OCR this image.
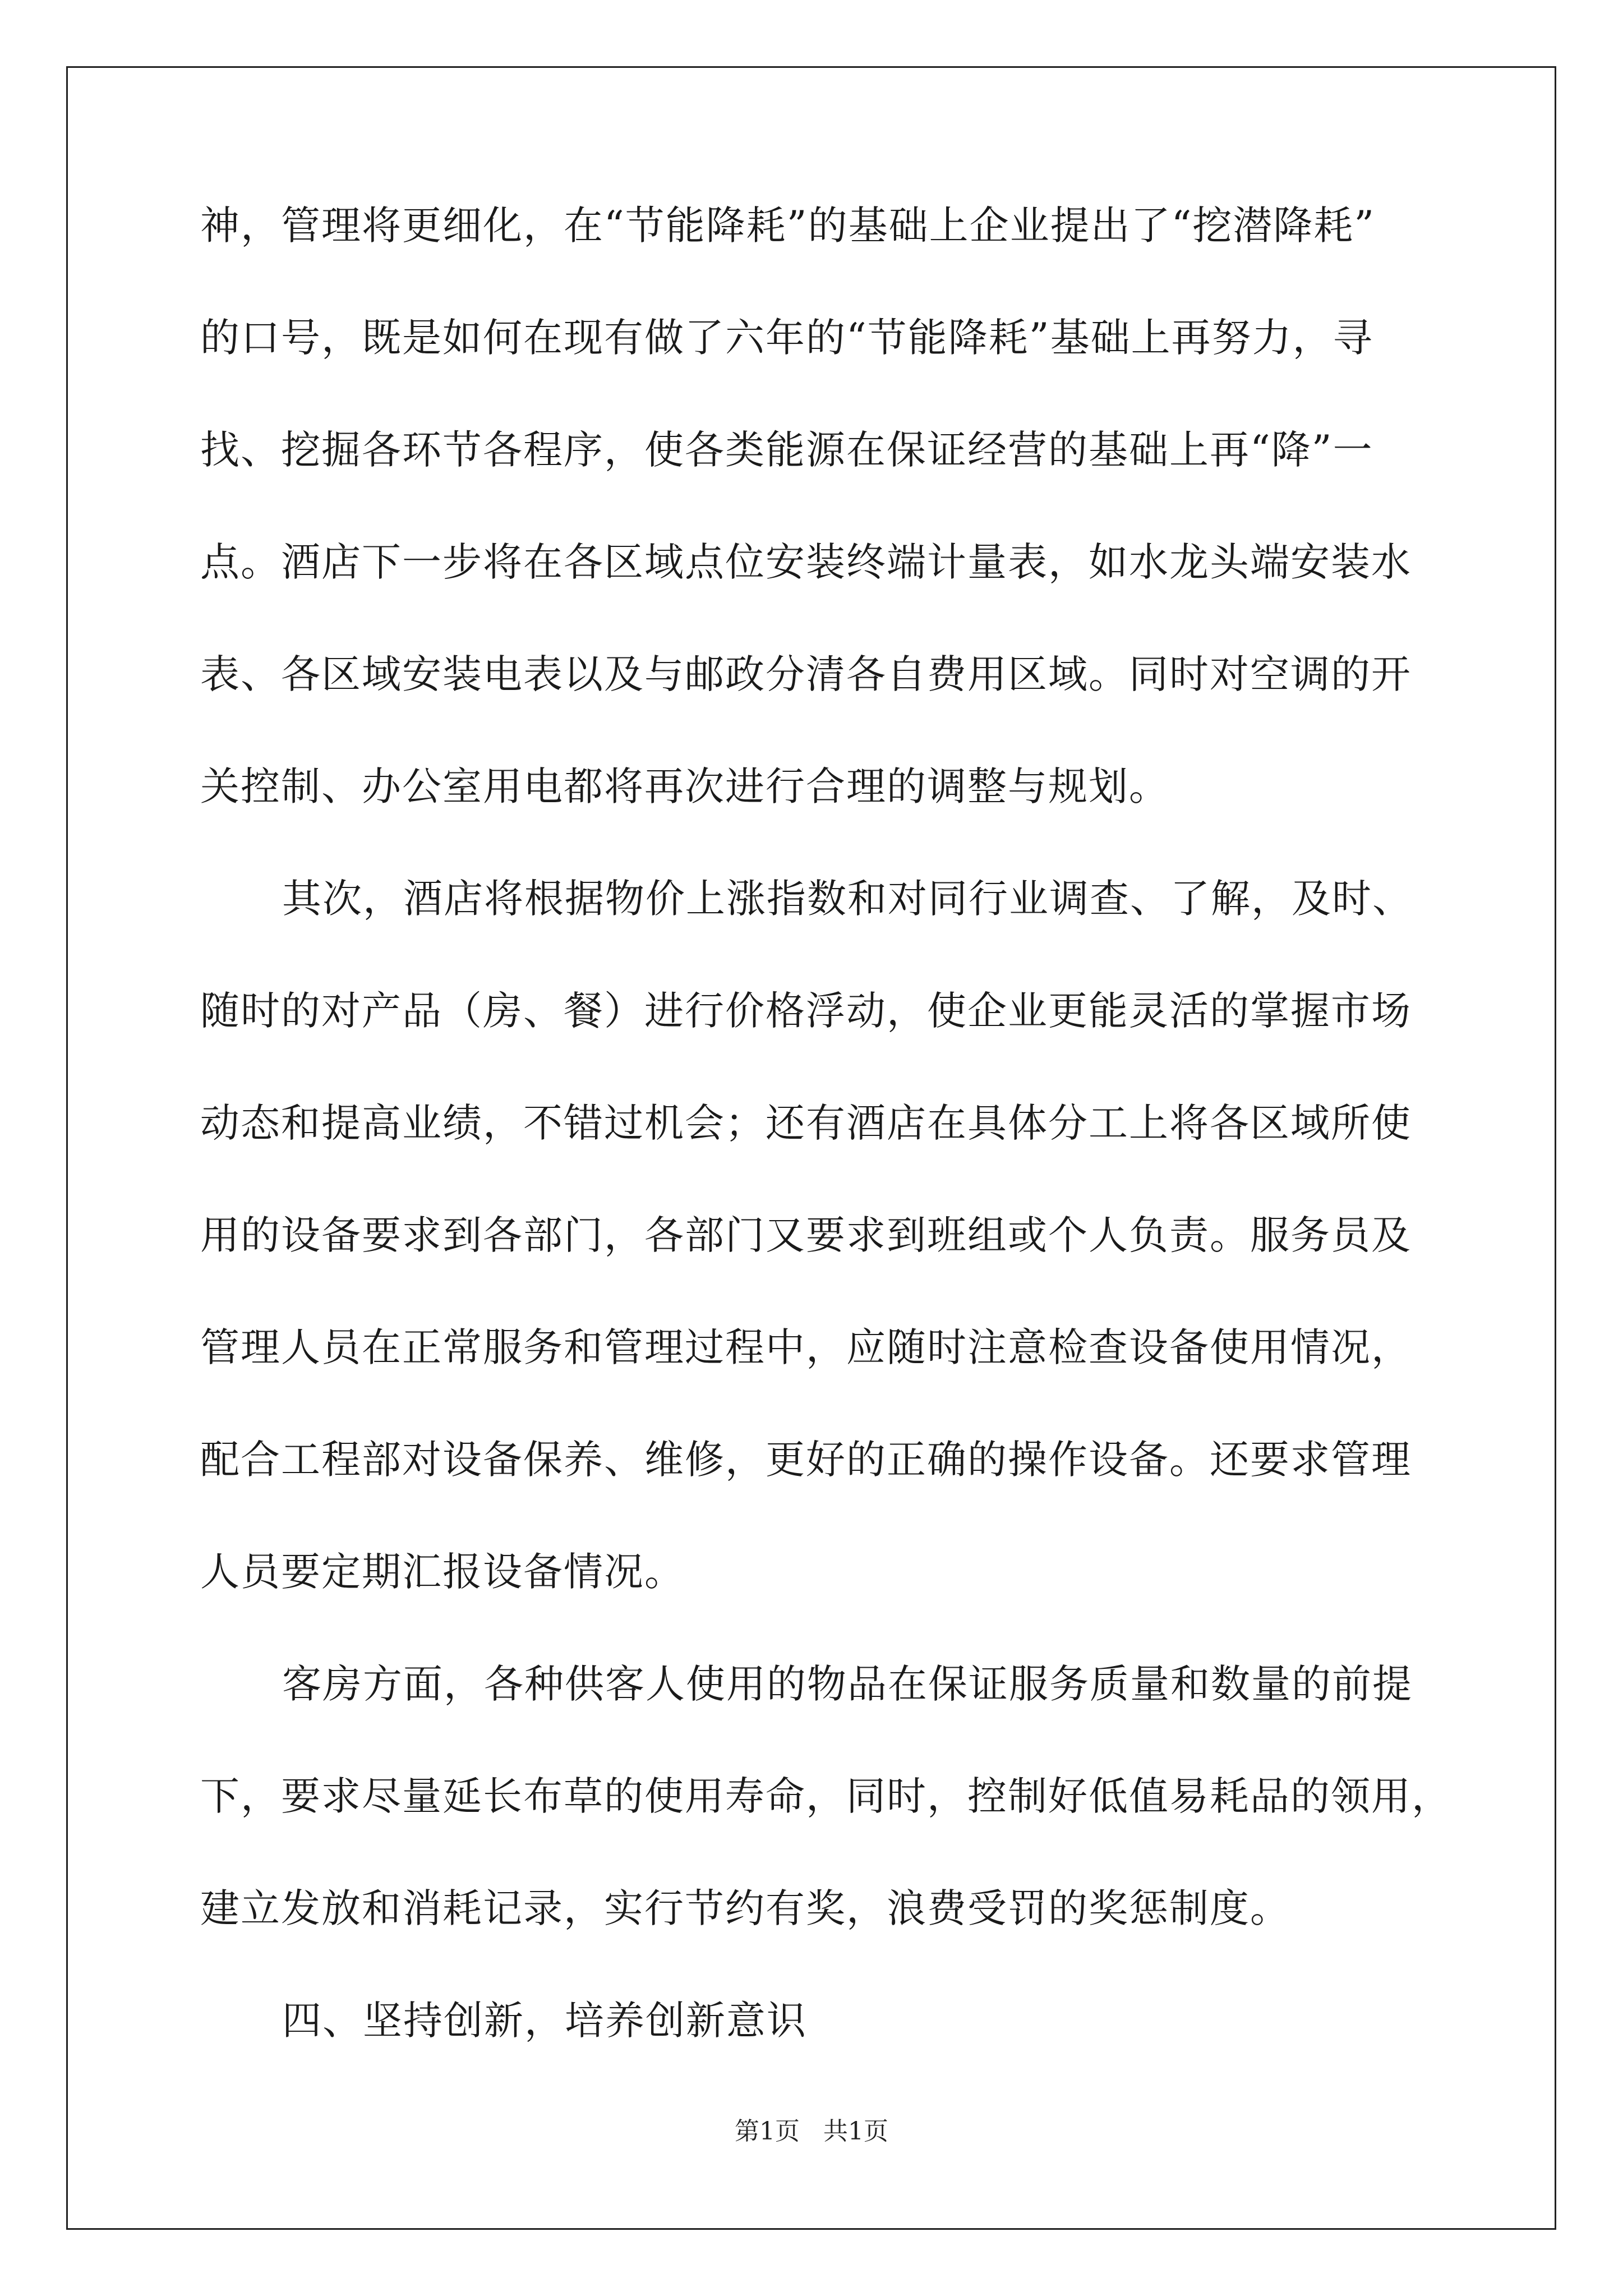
神，管理将更细化，在“节能降耗”的基础上企业提出了“挖潜降耗”
的口号，既是如何在现有做了六年的“节能降耗”基础上再努力，寻
找、挖掘各环节各程序，使各类能源在保证经营的基础上再“降”一
点。酒店下一步将在各区域点位安装终端计量表，如水龙头端安装水
表、各区域安装电表以及与邮政分清各自费用区域。同时对空调的开
关控制、办公室用电都将再次进行合理的调整与规划。

其次，酒店将根据物价上涨指数和对同行业调查、了解，及时、
随时的对产品（房、餐）进行价格浮动，使企业更能灵活的掌握市场
动态和提高业绩，不错过机会；还有酒店在具体分工上将各区域所使
用的设备要求到各部门，各部门又要求到班组或个人负责。服务员及
管理人员在正常服务和管理过程中，应随时注意检查设备使用情况，
配合工程部对设备保养、维修，更好的正确的操作设备。还要求管理
人员要定期汇报设备情况。

客房方面，各种供客人使用的物品在保证服务质量和数量的前提
下，要求尽量延长布草的使用寿命，同时，控制好低值易耗品的领用，
建立发放和消耗记录，实行节约有奖，浪费受罚的奖惩制度。

四、坚持创新，培养创新意识

第1页 共1页
